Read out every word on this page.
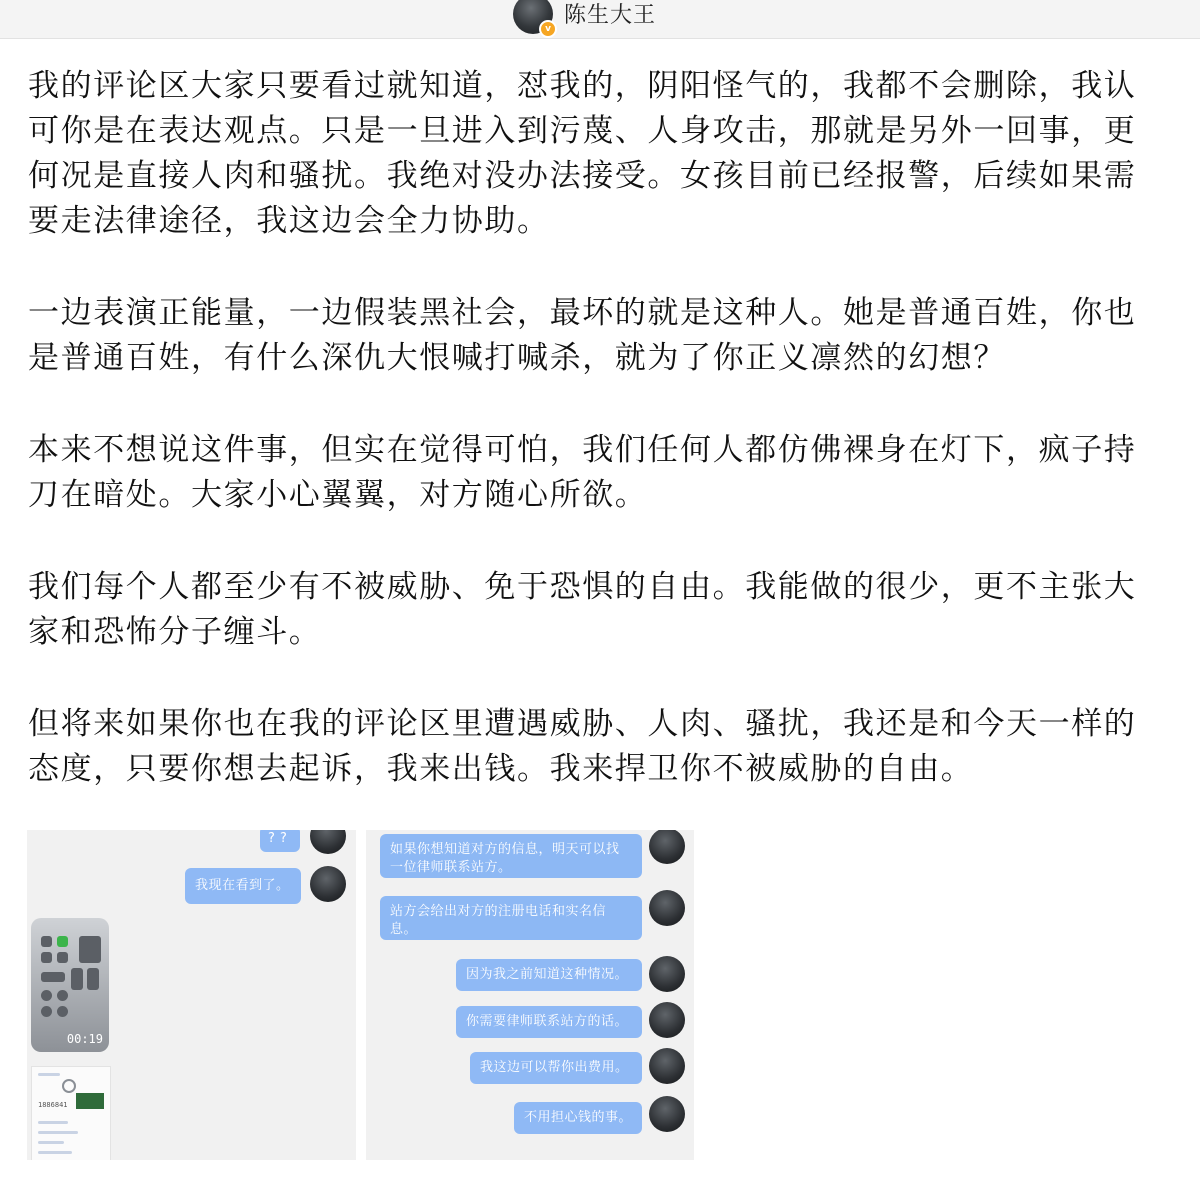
v
陈生大王

我的评论区大家只要看过就知道，怼我的，阴阳怪气的，我都不会删除，我认可你是在表达观点。只是一旦进入到污蔑、人身攻击，那就是另外一回事，更何况是直接人肉和骚扰。我绝对没办法接受。女孩目前已经报警，后续如果需要走法律途径，我这边会全力协助。

一边表演正能量，一边假装黑社会，最坏的就是这种人。她是普通百姓，你也是普通百姓，有什么深仇大恨喊打喊杀，就为了你正义凛然的幻想？

本来不想说这件事，但实在觉得可怕，我们任何人都仿佛裸身在灯下，疯子持刀在暗处。大家小心翼翼，对方随心所欲。

我们每个人都至少有不被威胁、免于恐惧的自由。我能做的很少，更不主张大家和恐怖分子缠斗。

但将来如果你也在我的评论区里遭遇威胁、人肉、骚扰，我还是和今天一样的态度，只要你想去起诉，我来出钱。我来捍卫你不被威胁的自由。

? ?
我现在看到了。
00:19
1886841
如果你想知道对方的信息，明天可以找一位律师联系站方。
站方会给出对方的注册电话和实名信息。
因为我之前知道这种情况。
你需要律师联系站方的话。
我这边可以帮你出费用。
不用担心钱的事。
